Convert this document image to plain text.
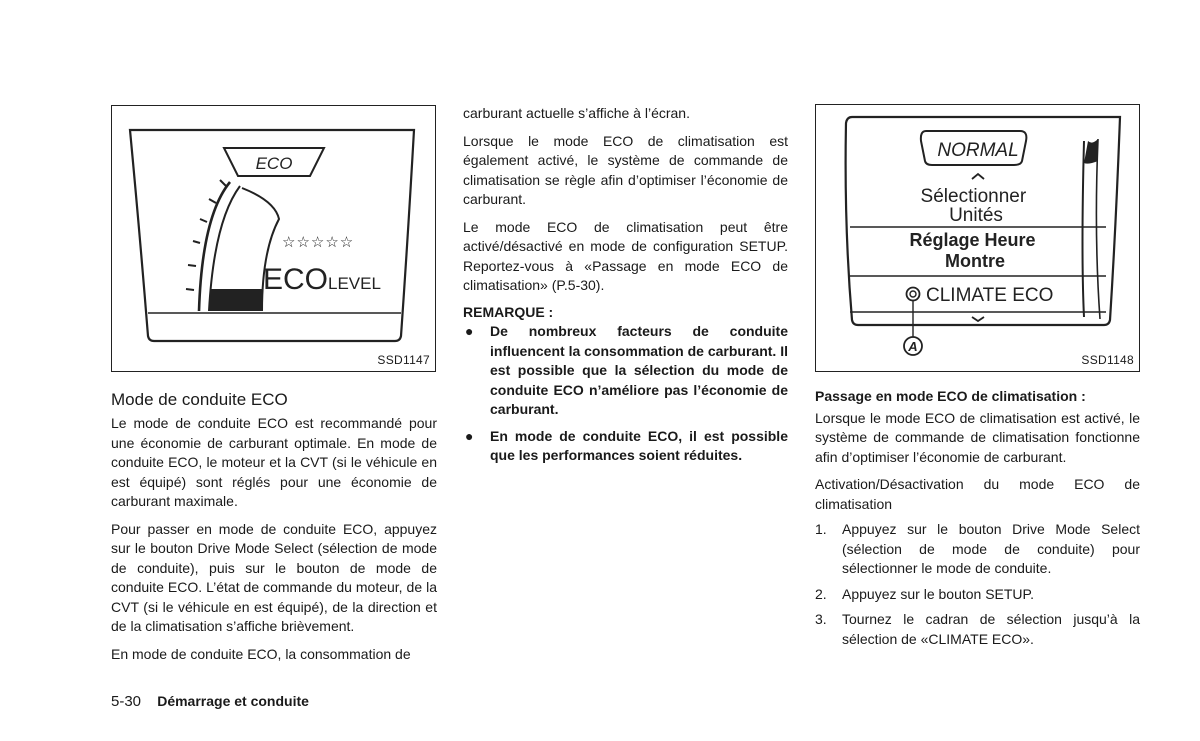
ECO
☆☆☆☆☆
ECOLEVEL
SSD1147
Mode de conduite ECO

Le mode de conduite ECO est recommandé pour une économie de carburant optimale. En mode de conduite ECO, le moteur et la CVT (si le véhicule en est équipé) sont réglés pour une économie de carburant maximale.

Pour passer en mode de conduite ECO, appuyez sur le bouton Drive Mode Select (sélection de mode de conduite), puis sur le bouton de mode de conduite ECO. L’état de commande du moteur, de la CVT (si le véhicule en est équipé), de la direction et de la climatisation s’affiche brièvement.

En mode de conduite ECO, la consommation de

carburant actuelle s’affiche à l’écran.

Lorsque le mode ECO de climatisation est également activé, le système de commande de climatisation se règle afin d’optimiser l’économie de carburant.

Le mode ECO de climatisation peut être activé/désactivé en mode de configuration SETUP. Reportez-vous à «Passage en mode ECO de climatisation» (P.5-30).

REMARQUE :

● De nombreux facteurs de conduite influencent la consommation de carburant. Il est possible que la sélection du mode de conduite ECO n’améliore pas l’économie de carburant.
● En mode de conduite ECO, il est possible que les performances soient réduites.
NORMAL
Sélectionner Unités
Réglage Heure Montre
CLIMATE ECO
A
SSD1148

Passage en mode ECO de climatisation :

Lorsque le mode ECO de climatisation est activé, le système de commande de climatisation fonctionne afin d’optimiser l’économie de carburant.

Activation/Désactivation du mode ECO de climatisation

1. Appuyez sur le bouton Drive Mode Select (sélection de mode de conduite) pour sélectionner le mode de conduite.
2. Appuyez sur le bouton SETUP.
3. Tournez le cadran de sélection jusqu’à la sélection de «CLIMATE ECO».
5-30 Démarrage et conduite
